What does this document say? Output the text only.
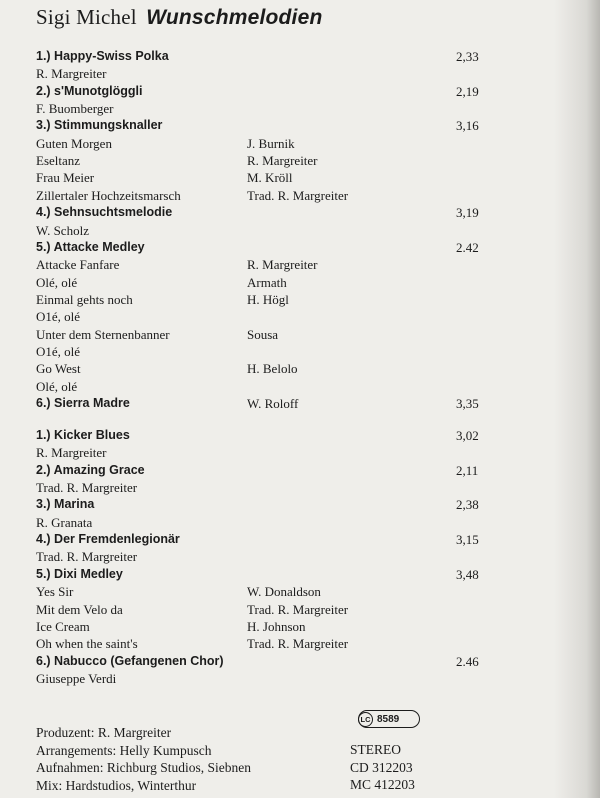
Sigi Michel Wunschmelodien
1.) Happy-Swiss Polka	2,33
R. Margreiter
2.) s'Munotglöggli	2,19
F. Buomberger
3.) Stimmungsknaller	3,16
Guten Morgen	J. Burnik
Eseltanz	R. Margreiter
Frau Meier	M. Kröll
Zillertaler Hochzeitsmarsch	Trad. R. Margreiter
4.) Sehnsuchtsmelodie	3,19
W. Scholz
5.) Attacke Medley	2.42
Attacke Fanfare	R. Margreiter
Olé, olé	Armath
Einmal gehts noch	H. Högl
O1é, olé
Unter dem Sternenbanner	Sousa
O1é, olé
Go West	H. Belolo
Olé, olé
6.) Sierra Madre	W. Roloff	3,35
1.) Kicker Blues	3,02
R. Margreiter
2.) Amazing Grace	2,11
Trad. R. Margreiter
3.) Marina	2,38
R. Granata
4.) Der Fremdenlegionär	3,15
Trad. R. Margreiter
5.) Dixi Medley	3,48
Yes Sir	W. Donaldson
Mit dem Velo da	Trad. R. Margreiter
Ice Cream	H. Johnson
Oh when the saint's	Trad. R. Margreiter
6.) Nabucco (Gefangenen Chor)	2.46
Giuseppe Verdi
Produzent: R. Margreiter
Arrangements: Helly Kumpusch
Aufnahmen: Richburg Studios, Siebnen
Mix: Hardstudios, Winterthur
LC 8589
STEREO
CD 312203
MC 412203
